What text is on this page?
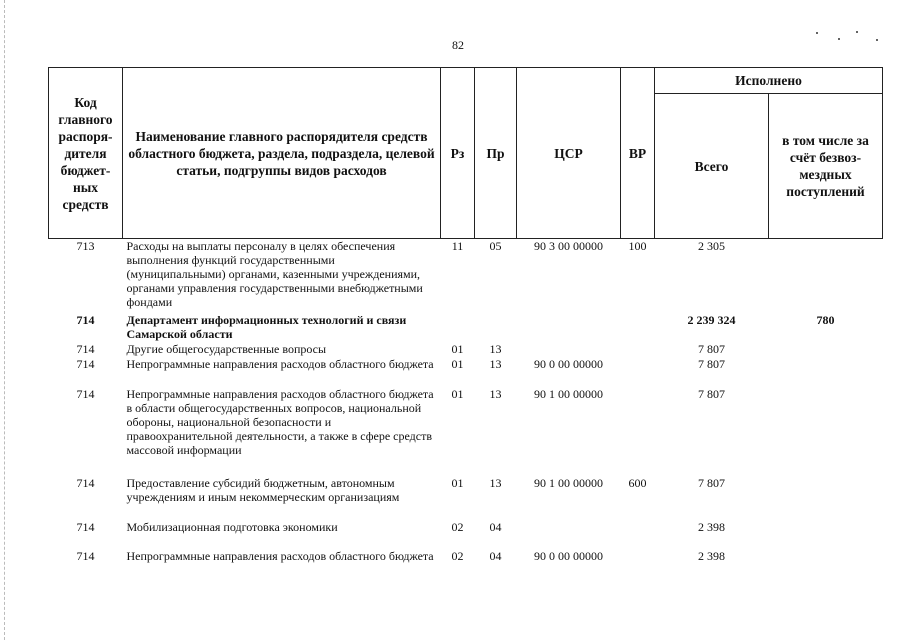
82
Код главного распоря-дителя бюджет-ных средств	Наименование главного распорядителя средств областного бюджета, раздела, подраздела, целевой статьи, подгруппы видов расходов	Рз	Пр	ЦСР	ВР	Исполнено	
						Всего	в том числе за счёт безвоз-мездных поступлений
713	Расходы на выплаты персоналу в целях обеспечения выполнения функций государственными (муниципальными) органами, казенными учреждениями, органами управления государственными внебюджетными фондами	11	05	90 3 00 00000	100	2 305	
714	Департамент информационных технологий и связи Самарской области					2 239 324	780
714	Другие общегосударственные вопросы	01	13			7 807	
714	Непрограммные направления расходов областного бюджета	01	13	90 0 00 00000		7 807	
714	Непрограммные направления расходов областного бюджета в области общегосударственных вопросов, национальной обороны, национальной безопасности и правоохранительной деятельности, а также в сфере средств массовой информации	01	13	90 1 00 00000		7 807	
714	Предоставление субсидий бюджетным, автономным учреждениям и иным некоммерческим организациям	01	13	90 1 00 00000	600	7 807	
714	Мобилизационная подготовка экономики	02	04			2 398	
714	Непрограммные направления расходов областного бюджета	02	04	90 0 00 00000		2 398	
